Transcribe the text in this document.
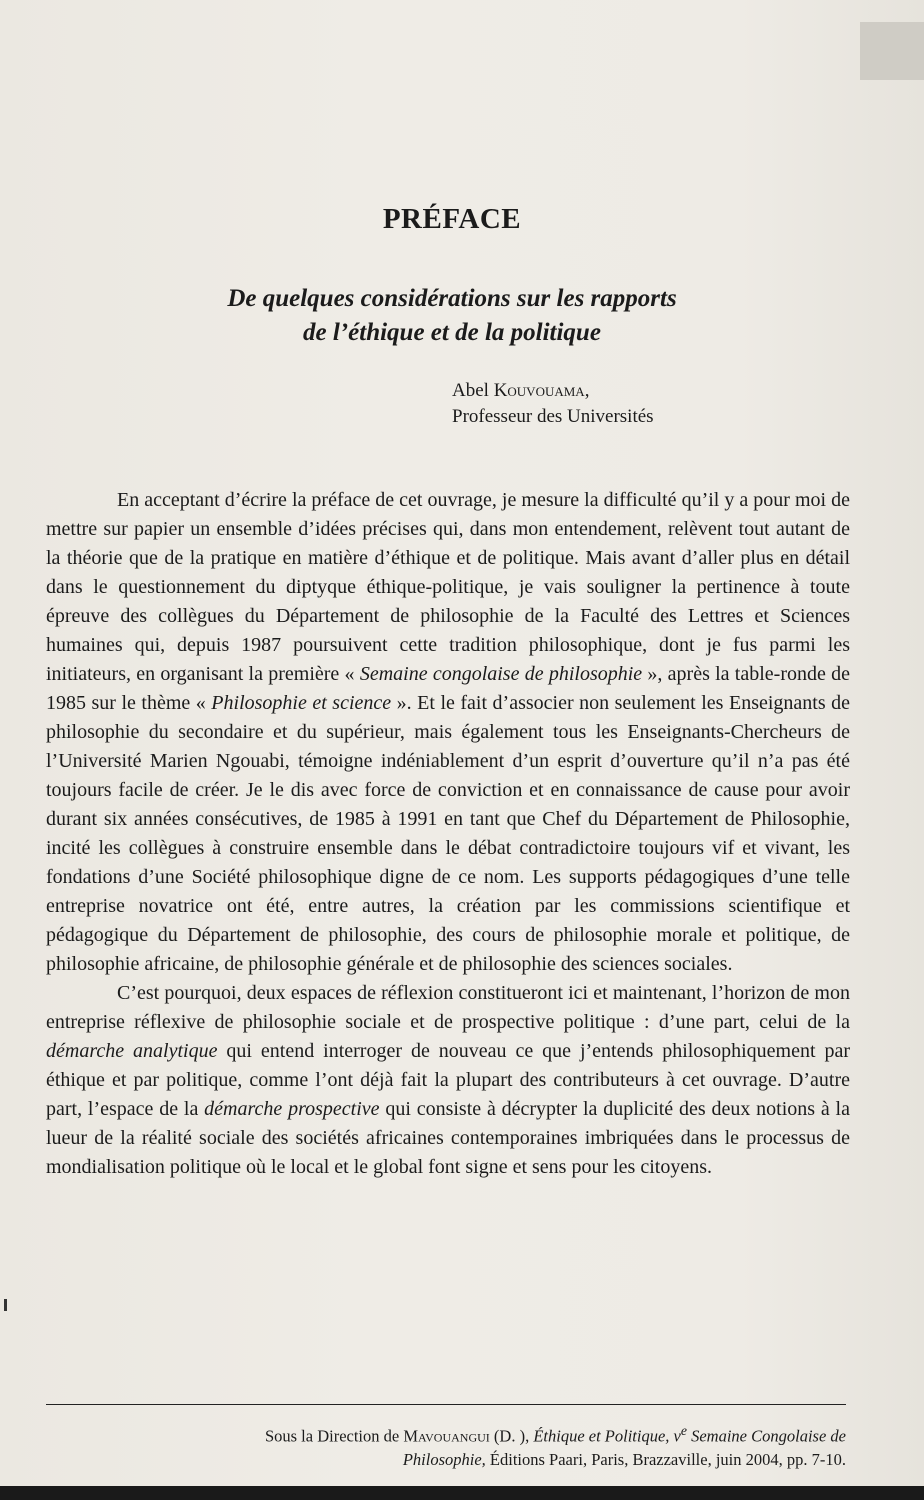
PRÉFACE
De quelques considérations sur les rapports
de l’éthique et de la politique
Abel Kouvouama,
Professeur des Universités

En acceptant d’écrire la préface de cet ouvrage, je mesure la difficulté qu’il y a pour moi de mettre sur papier un ensemble d’idées précises qui, dans mon entendement, relèvent tout autant de la théorie que de la pratique en matière d’éthique et de politique. Mais avant d’aller plus en détail dans le questionnement du diptyque éthique-politique, je vais souligner la pertinence à toute épreuve des collègues du Département de philosophie de la Faculté des Lettres et Sciences humaines qui, depuis 1987 poursuivent cette tradition philosophique, dont je fus parmi les initiateurs, en organisant la première « Semaine congolaise de philosophie », après la table-ronde de 1985 sur le thème « Philosophie et science ». Et le fait d’associer non seulement les Enseignants de philosophie du secondaire et du supérieur, mais également tous les Enseignants-Chercheurs de l’Université Marien Ngouabi, témoigne indéniablement d’un esprit d’ouverture qu’il n’a pas été toujours facile de créer. Je le dis avec force de conviction et en connaissance de cause pour avoir durant six années consécutives, de 1985 à 1991 en tant que Chef du Département de Philosophie, incité les collègues à construire ensemble dans le débat contradictoire toujours vif et vivant, les fondations d’une Société philosophique digne de ce nom. Les supports pédagogiques d’une telle entreprise novatrice ont été, entre autres, la création par les commissions scientifique et pédagogique du Département de philosophie, des cours de philosophie morale et politique, de philosophie africaine, de philosophie générale et de philosophie des sciences sociales.

C’est pourquoi, deux espaces de réflexion constitueront ici et maintenant, l’horizon de mon entreprise réflexive de philosophie sociale et de prospective politique : d’une part, celui de la démarche analytique qui entend interroger de nouveau ce que j’entends philosophiquement par éthique et par politique, comme l’ont déjà fait la plupart des contributeurs à cet ouvrage. D’autre part, l’espace de la démarche prospective qui consiste à décrypter la duplicité des deux notions à la lueur de la réalité sociale des sociétés africaines contemporaines imbriquées dans le processus de mondialisation politique où le local et le global font signe et sens pour les citoyens.

Sous la Direction de Mavouangui (D. ), Éthique et Politique, $v^e$ Semaine Congolaise de
Philosophie, Éditions Paari, Paris, Brazzaville, juin 2004, pp. 7-10.
